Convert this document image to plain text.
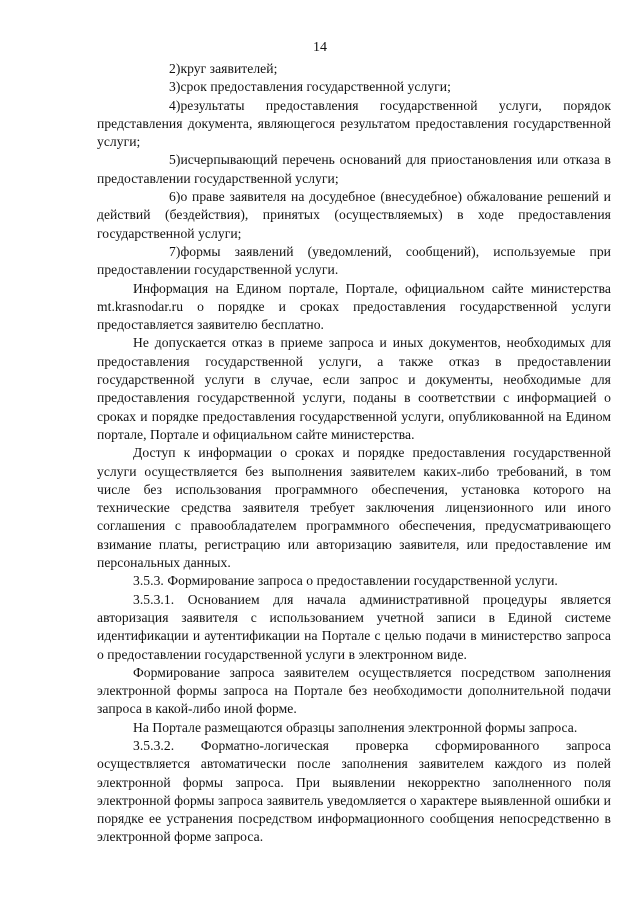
14

2)круг заявителей;

3)срок предоставления государственной услуги;

4)результаты предоставления государственной услуги, порядок представления документа, являющегося результатом предоставления государственной услуги;

5)исчерпывающий перечень оснований для приостановления или отказа в предоставлении государственной услуги;

6)о праве заявителя на досудебное (внесудебное) обжалование решений и действий (бездействия), принятых (осуществляемых) в ходе предоставления государственной услуги;

7)формы заявлений (уведомлений, сообщений), используемые при предоставлении государственной услуги.

Информация на Едином портале, Портале, официальном сайте министерства mt.krasnodar.ru о порядке и сроках предоставления государственной услуги предоставляется заявителю бесплатно.

Не допускается отказ в приеме запроса и иных документов, необходимых для предоставления государственной услуги, а также отказ в предоставлении государственной услуги в случае, если запрос и документы, необходимые для предоставления государственной услуги, поданы в соответствии с информацией о сроках и порядке предоставления государственной услуги, опубликованной на Едином портале, Портале и официальном сайте министерства.

Доступ к информации о сроках и порядке предоставления государственной услуги осуществляется без выполнения заявителем каких-либо требований, в том числе без использования программного обеспечения, установка которого на технические средства заявителя требует заключения лицензионного или иного соглашения с правообладателем программного обеспечения, предусматривающего взимание платы, регистрацию или авторизацию заявителя, или предоставление им персональных данных.

3.5.3. Формирование запроса о предоставлении государственной услуги.

3.5.3.1. Основанием для начала административной процедуры является авторизация заявителя с использованием учетной записи в Единой системе идентификации и аутентификации на Портале с целью подачи в министерство запроса о предоставлении государственной услуги в электронном виде.

Формирование запроса заявителем осуществляется посредством заполнения электронной формы запроса на Портале без необходимости дополнительной подачи запроса в какой-либо иной форме.

На Портале размещаются образцы заполнения электронной формы запроса.

3.5.3.2. Форматно-логическая проверка сформированного запроса осуществляется автоматически после заполнения заявителем каждого из полей электронной формы запроса. При выявлении некорректно заполненного поля электронной формы запроса заявитель уведомляется о характере выявленной ошибки и порядке ее устранения посредством информационного сообщения непосредственно в электронной форме запроса.
